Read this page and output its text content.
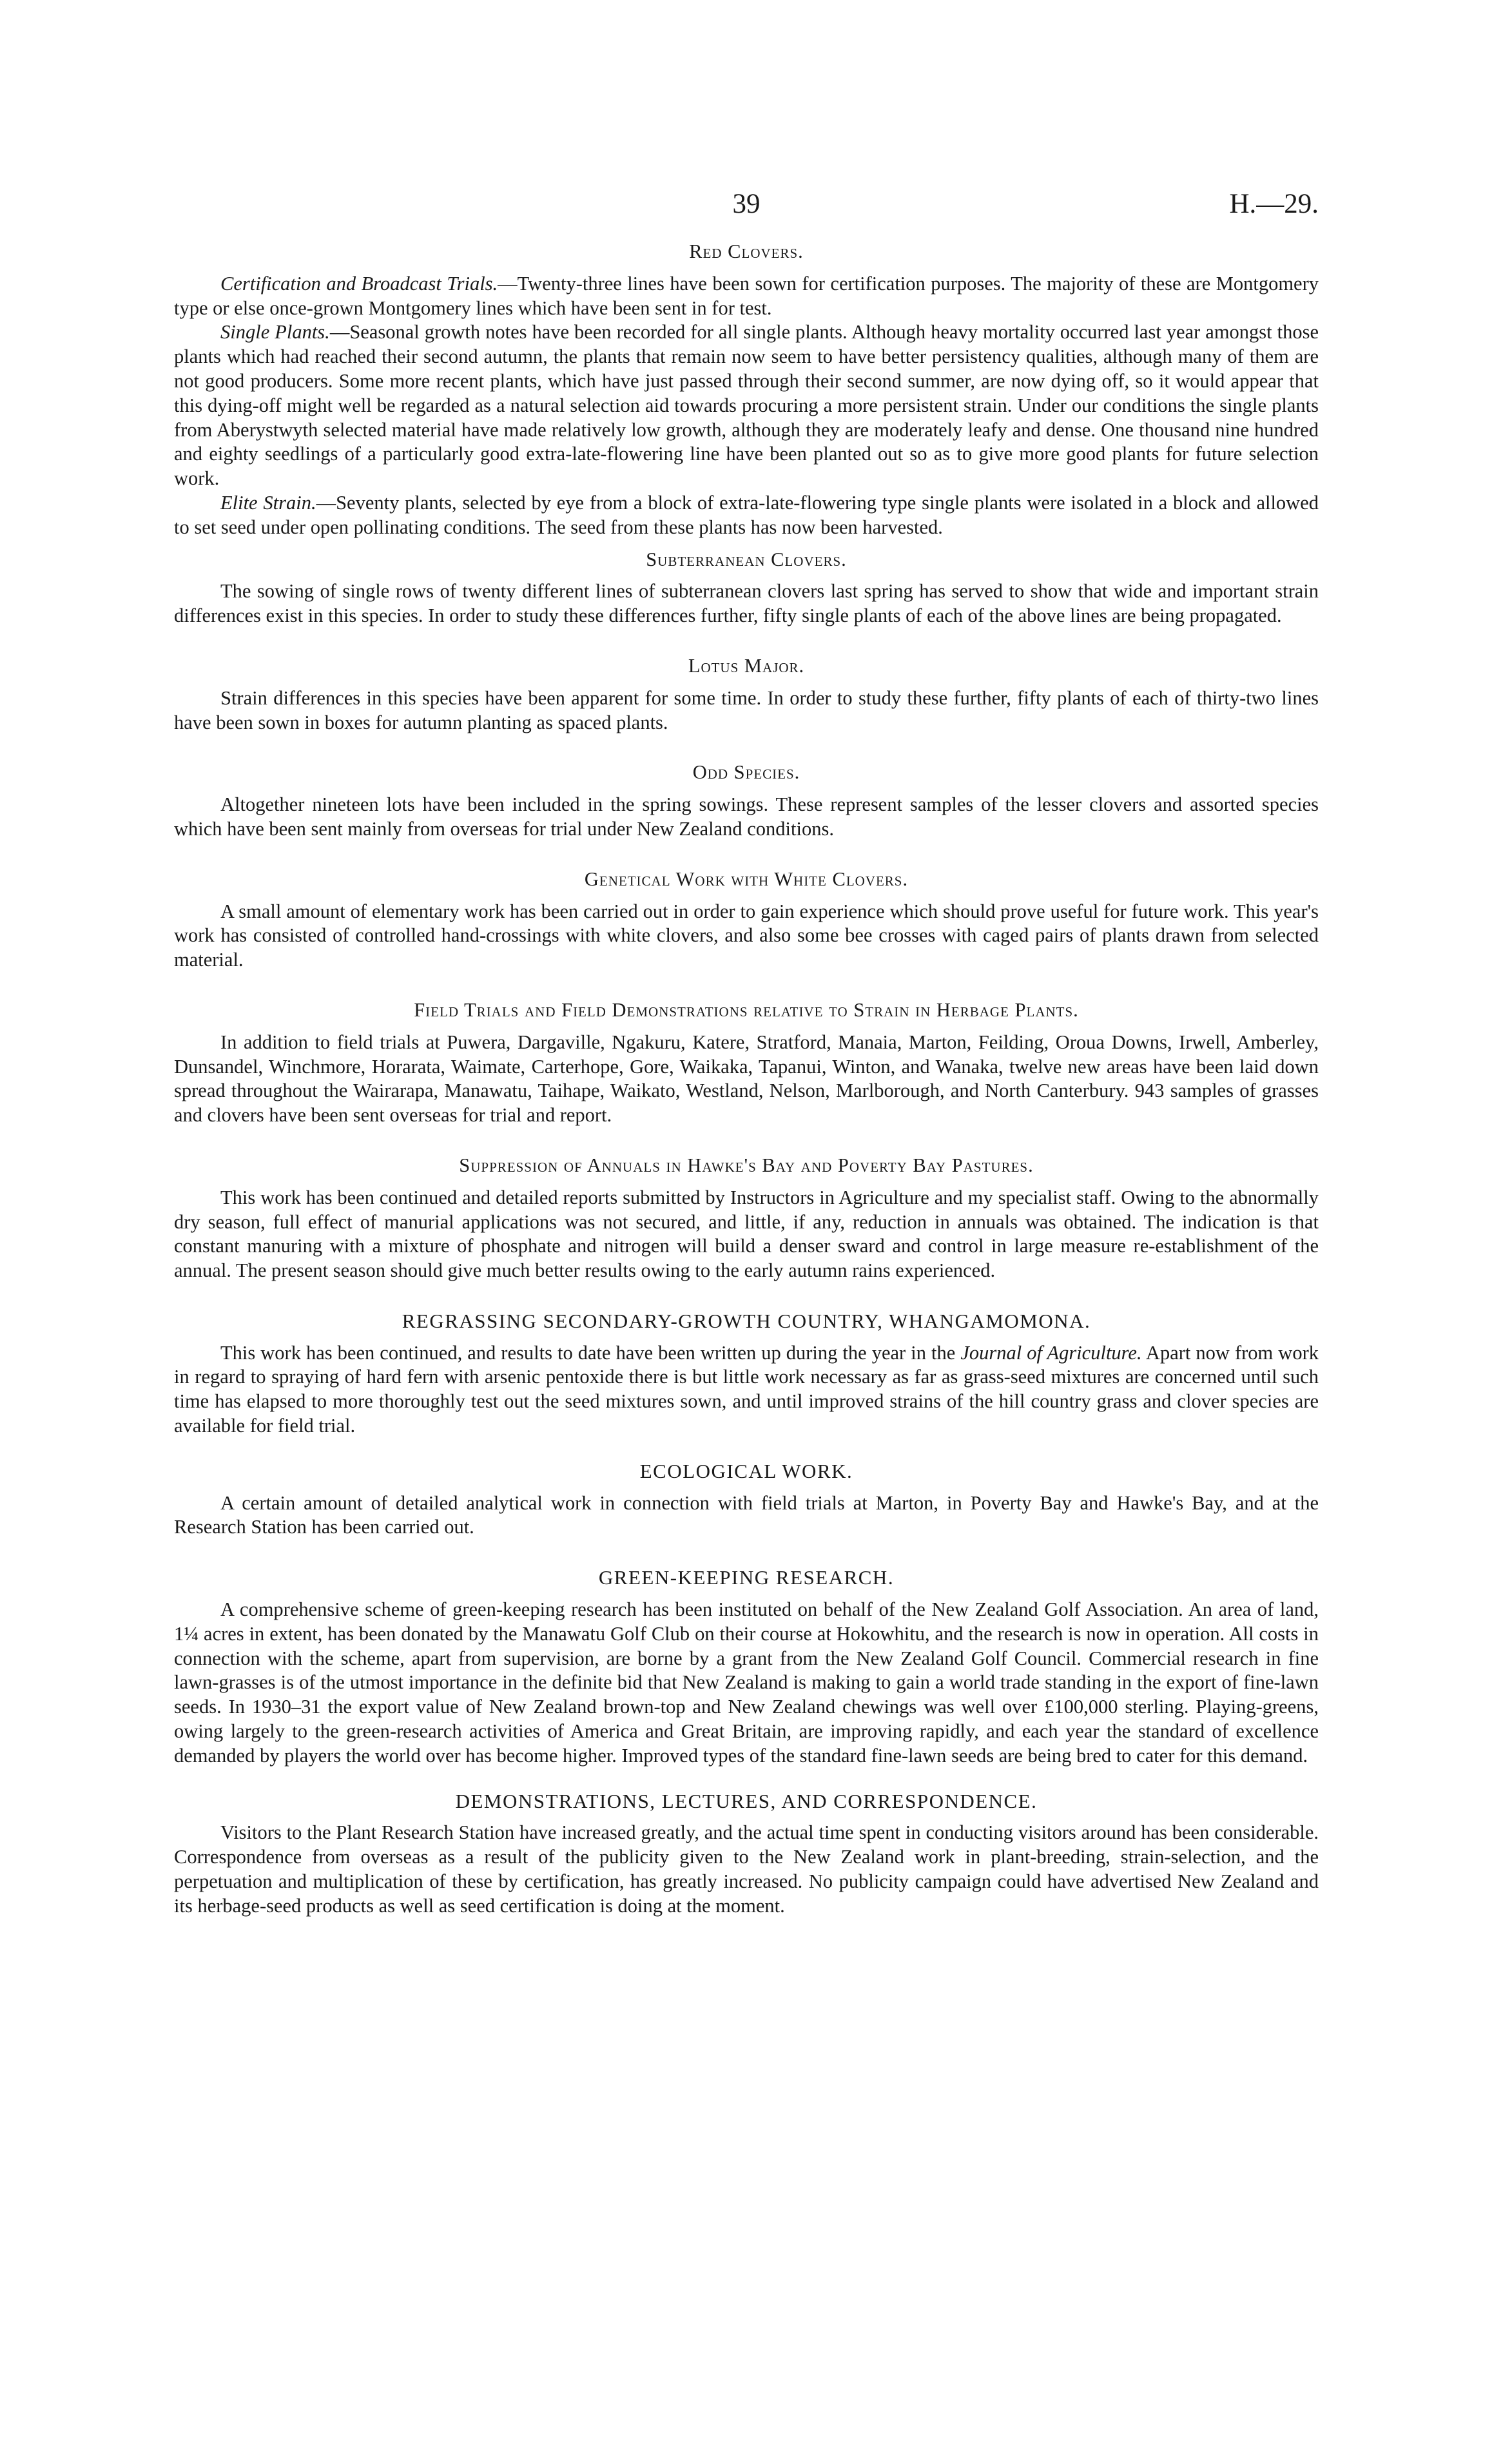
39	H.—29.
Red Clovers.

Certification and Broadcast Trials.—Twenty-three lines have been sown for certification purposes. The majority of these are Montgomery type or else once-grown Montgomery lines which have been sent in for test.

Single Plants.—Seasonal growth notes have been recorded for all single plants. Although heavy mortality occurred last year amongst those plants which had reached their second autumn, the plants that remain now seem to have better persistency qualities, although many of them are not good producers. Some more recent plants, which have just passed through their second summer, are now dying off, so it would appear that this dying-off might well be regarded as a natural selection aid towards procuring a more persistent strain. Under our conditions the single plants from Aberystwyth selected material have made relatively low growth, although they are moderately leafy and dense. One thousand nine hundred and eighty seedlings of a particularly good extra-late-flowering line have been planted out so as to give more good plants for future selection work.

Elite Strain.—Seventy plants, selected by eye from a block of extra-late-flowering type single plants were isolated in a block and allowed to set seed under open pollinating conditions. The seed from these plants has now been harvested.

Subterranean Clovers.

The sowing of single rows of twenty different lines of subterranean clovers last spring has served to show that wide and important strain differences exist in this species. In order to study these differences further, fifty single plants of each of the above lines are being propagated.

Lotus Major.

Strain differences in this species have been apparent for some time. In order to study these further, fifty plants of each of thirty-two lines have been sown in boxes for autumn planting as spaced plants.

Odd Species.

Altogether nineteen lots have been included in the spring sowings. These represent samples of the lesser clovers and assorted species which have been sent mainly from overseas for trial under New Zealand conditions.

Genetical Work with White Clovers.

A small amount of elementary work has been carried out in order to gain experience which should prove useful for future work. This year's work has consisted of controlled hand-crossings with white clovers, and also some bee crosses with caged pairs of plants drawn from selected material.

Field Trials and Field Demonstrations relative to Strain in Herbage Plants.

In addition to field trials at Puwera, Dargaville, Ngakuru, Katere, Stratford, Manaia, Marton, Feilding, Oroua Downs, Irwell, Amberley, Dunsandel, Winchmore, Horarata, Waimate, Carterhope, Gore, Waikaka, Tapanui, Winton, and Wanaka, twelve new areas have been laid down spread throughout the Wairarapa, Manawatu, Taihape, Waikato, Westland, Nelson, Marlborough, and North Canterbury. 943 samples of grasses and clovers have been sent overseas for trial and report.

Suppression of Annuals in Hawke's Bay and Poverty Bay Pastures.

This work has been continued and detailed reports submitted by Instructors in Agriculture and my specialist staff. Owing to the abnormally dry season, full effect of manurial applications was not secured, and little, if any, reduction in annuals was obtained. The indication is that constant manuring with a mixture of phosphate and nitrogen will build a denser sward and control in large measure re-establishment of the annual. The present season should give much better results owing to the early autumn rains experienced.

REGRASSING SECONDARY-GROWTH COUNTRY, WHANGAMOMONA.

This work has been continued, and results to date have been written up during the year in the Journal of Agriculture. Apart now from work in regard to spraying of hard fern with arsenic pentoxide there is but little work necessary as far as grass-seed mixtures are concerned until such time has elapsed to more thoroughly test out the seed mixtures sown, and until improved strains of the hill country grass and clover species are available for field trial.

ECOLOGICAL WORK.

A certain amount of detailed analytical work in connection with field trials at Marton, in Poverty Bay and Hawke's Bay, and at the Research Station has been carried out.

GREEN-KEEPING RESEARCH.

A comprehensive scheme of green-keeping research has been instituted on behalf of the New Zealand Golf Association. An area of land, 1¼ acres in extent, has been donated by the Manawatu Golf Club on their course at Hokowhitu, and the research is now in operation. All costs in connection with the scheme, apart from supervision, are borne by a grant from the New Zealand Golf Council. Commercial research in fine lawn-grasses is of the utmost importance in the definite bid that New Zealand is making to gain a world trade standing in the export of fine-lawn seeds. In 1930–31 the export value of New Zealand brown-top and New Zealand chewings was well over £100,000 sterling. Playing-greens, owing largely to the green-research activities of America and Great Britain, are improving rapidly, and each year the standard of excellence demanded by players the world over has become higher. Improved types of the standard fine-lawn seeds are being bred to cater for this demand.

DEMONSTRATIONS, LECTURES, AND CORRESPONDENCE.

Visitors to the Plant Research Station have increased greatly, and the actual time spent in conducting visitors around has been considerable. Correspondence from overseas as a result of the publicity given to the New Zealand work in plant-breeding, strain-selection, and the perpetuation and multiplication of these by certification, has greatly increased. No publicity campaign could have advertised New Zealand and its herbage-seed products as well as seed certification is doing at the moment.
